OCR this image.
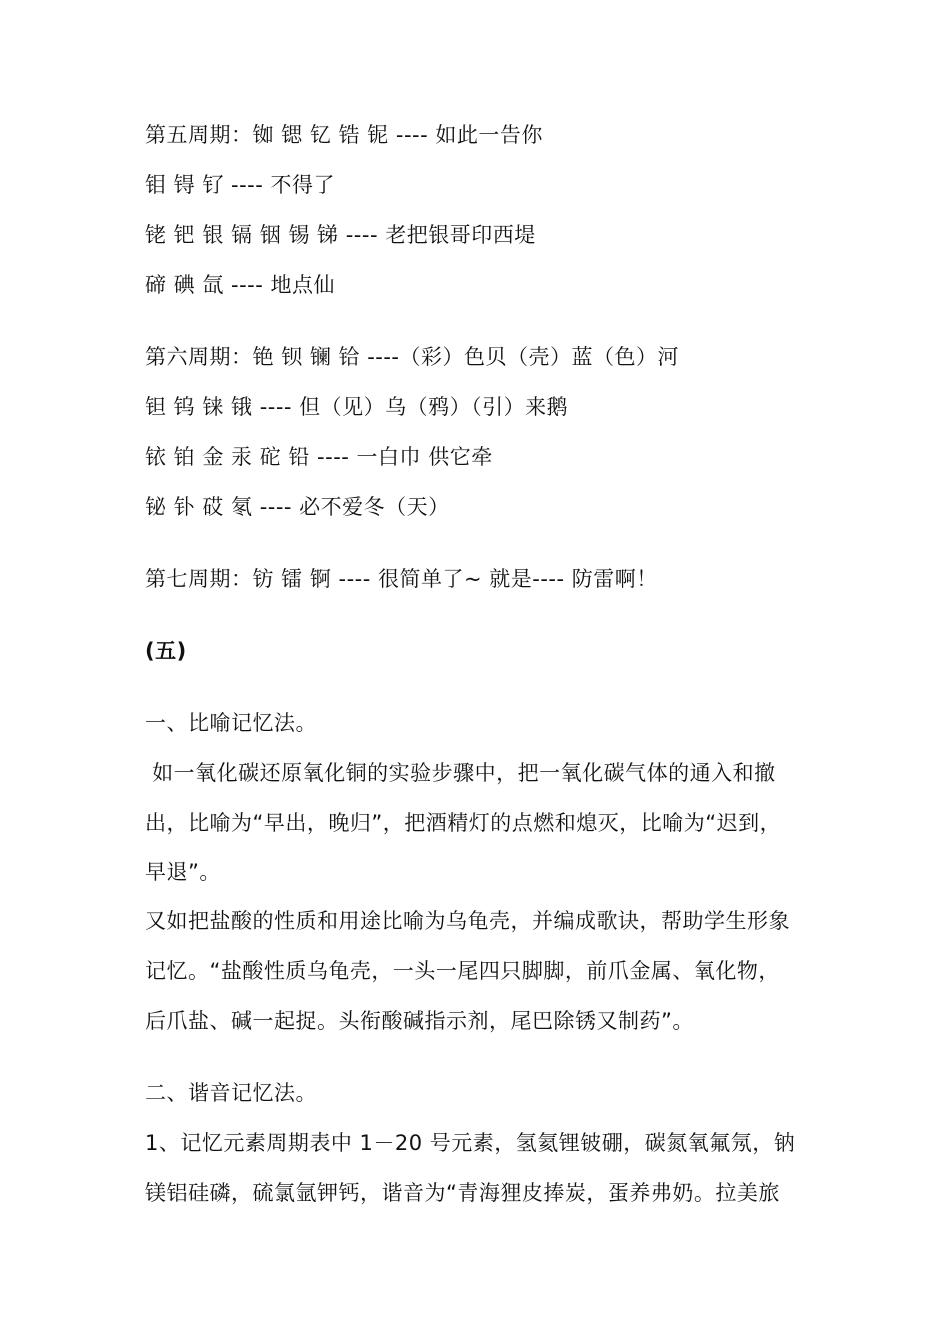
第五周期：铷 锶 钇 锆 铌 ---- 如此一告你
钼 锝 钌 ---- 不得了
铑 钯 银 镉 铟 锡 锑 ---- 老把银哥印西堤
碲 碘 氙 ---- 地点仙
第六周期：铯 钡 镧 铪 ----（彩）色贝（壳）蓝（色）河
钽 钨 铼 锇 ---- 但（见）乌（鸦）（引）来鹅
铱 铂 金 汞 砣 铅 ---- 一白巾 供它牵
铋 钋 砹 氡 ---- 必不爱冬（天）
第七周期：钫 镭 锕 ---- 很简单了~ 就是---- 防雷啊！
(五)
一、比喻记忆法。
如一氧化碳还原氧化铜的实验步骤中，把一氧化碳气体的通入和撤
出，比喻为“早出，晚归”，把酒精灯的点燃和熄灭，比喻为“迟到，
早退”。
又如把盐酸的性质和用途比喻为乌龟壳，并编成歌诀，帮助学生形象
记忆。“盐酸性质乌龟壳，一头一尾四只脚脚，前爪金属、氧化物，
后爪盐、碱一起捉。头衔酸碱指示剂，尾巴除锈又制药”。
二、谐音记忆法。
1、记忆元素周期表中 1－20 号元素，氢氦锂铍硼，碳氮氧氟氖，钠
镁铝硅磷，硫氯氩钾钙，谐音为“青海狸皮捧炭，蛋养弗奶。拉美旅
